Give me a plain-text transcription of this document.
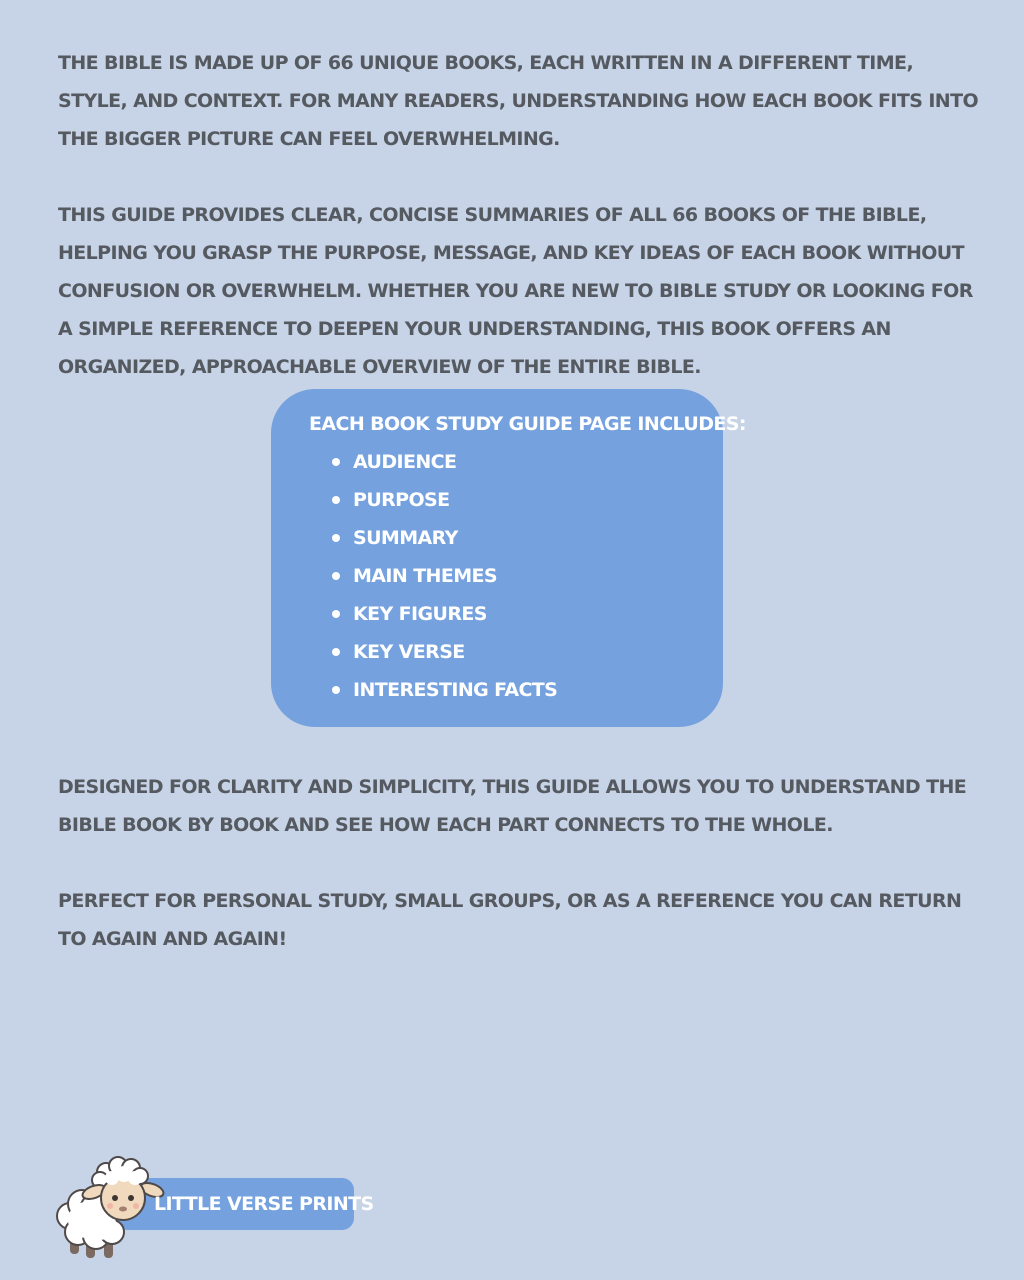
THE BIBLE IS MADE UP OF 66 UNIQUE BOOKS, EACH WRITTEN IN A DIFFERENT TIME, STYLE, AND CONTEXT. FOR MANY READERS, UNDERSTANDING HOW EACH BOOK FITS INTO THE BIGGER PICTURE CAN FEEL OVERWHELMING.

THIS GUIDE PROVIDES CLEAR, CONCISE SUMMARIES OF ALL 66 BOOKS OF THE BIBLE, HELPING YOU GRASP THE PURPOSE, MESSAGE, AND KEY IDEAS OF EACH BOOK WITHOUT CONFUSION OR OVERWHELM. WHETHER YOU ARE NEW TO BIBLE STUDY OR LOOKING FOR A SIMPLE REFERENCE TO DEEPEN YOUR UNDERSTANDING, THIS BOOK OFFERS AN ORGANIZED, APPROACHABLE OVERVIEW OF THE ENTIRE BIBLE.

EACH BOOK STUDY GUIDE PAGE INCLUDES:
AUDIENCE
PURPOSE
SUMMARY
MAIN THEMES
KEY FIGURES
KEY VERSE
INTERESTING FACTS

DESIGNED FOR CLARITY AND SIMPLICITY, THIS GUIDE ALLOWS YOU TO UNDERSTAND THE BIBLE BOOK BY BOOK AND SEE HOW EACH PART CONNECTS TO THE WHOLE.

PERFECT FOR PERSONAL STUDY, SMALL GROUPS, OR AS A REFERENCE YOU CAN RETURN TO AGAIN AND AGAIN!

LITTLE VERSE PRINTS
